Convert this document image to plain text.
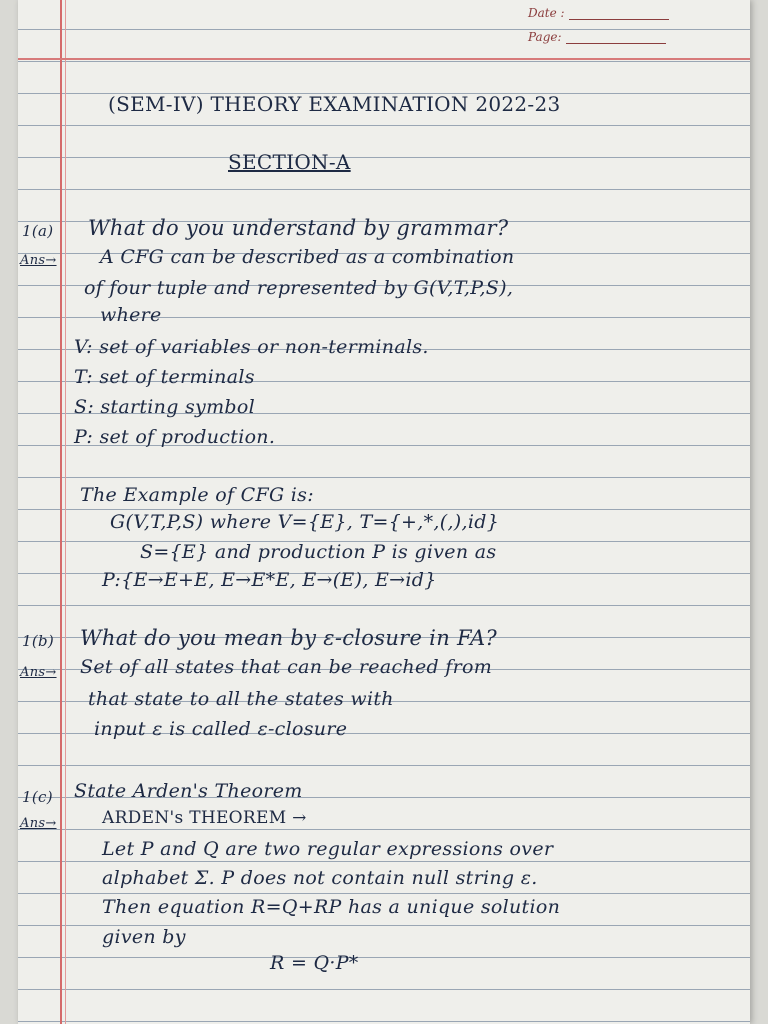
Date :
Page:
(SEM-IV) THEORY EXAMINATION 2022-23
SECTION-A
1(a) What do you understand by grammar?
Ans→ A CFG can be described as a combination
of four tuple and represented by G(V,T,P,S),
where
V: set of variables or non-terminals.
T: set of terminals
S: starting symbol
P: set of production.
The Example of CFG is:
G(V,T,P,S) where V={E}, T={+,*,(,),id}
S={E} and production P is given as
P:{E→E+E, E→E*E, E→(E), E→id}
1(b) What do you mean by ε-closure in FA?
Ans→ Set of all states that can be reached from
that state to all the states with
input ε is called ε-closure
1(c) State Arden's Theorem
Ans→	ARDEN's THEOREM →
Let P and Q are two regular expressions over
alphabet Σ. P does not contain null string ε.
Then equation R=Q+RP has a unique solution
given by
R = Q·P*
